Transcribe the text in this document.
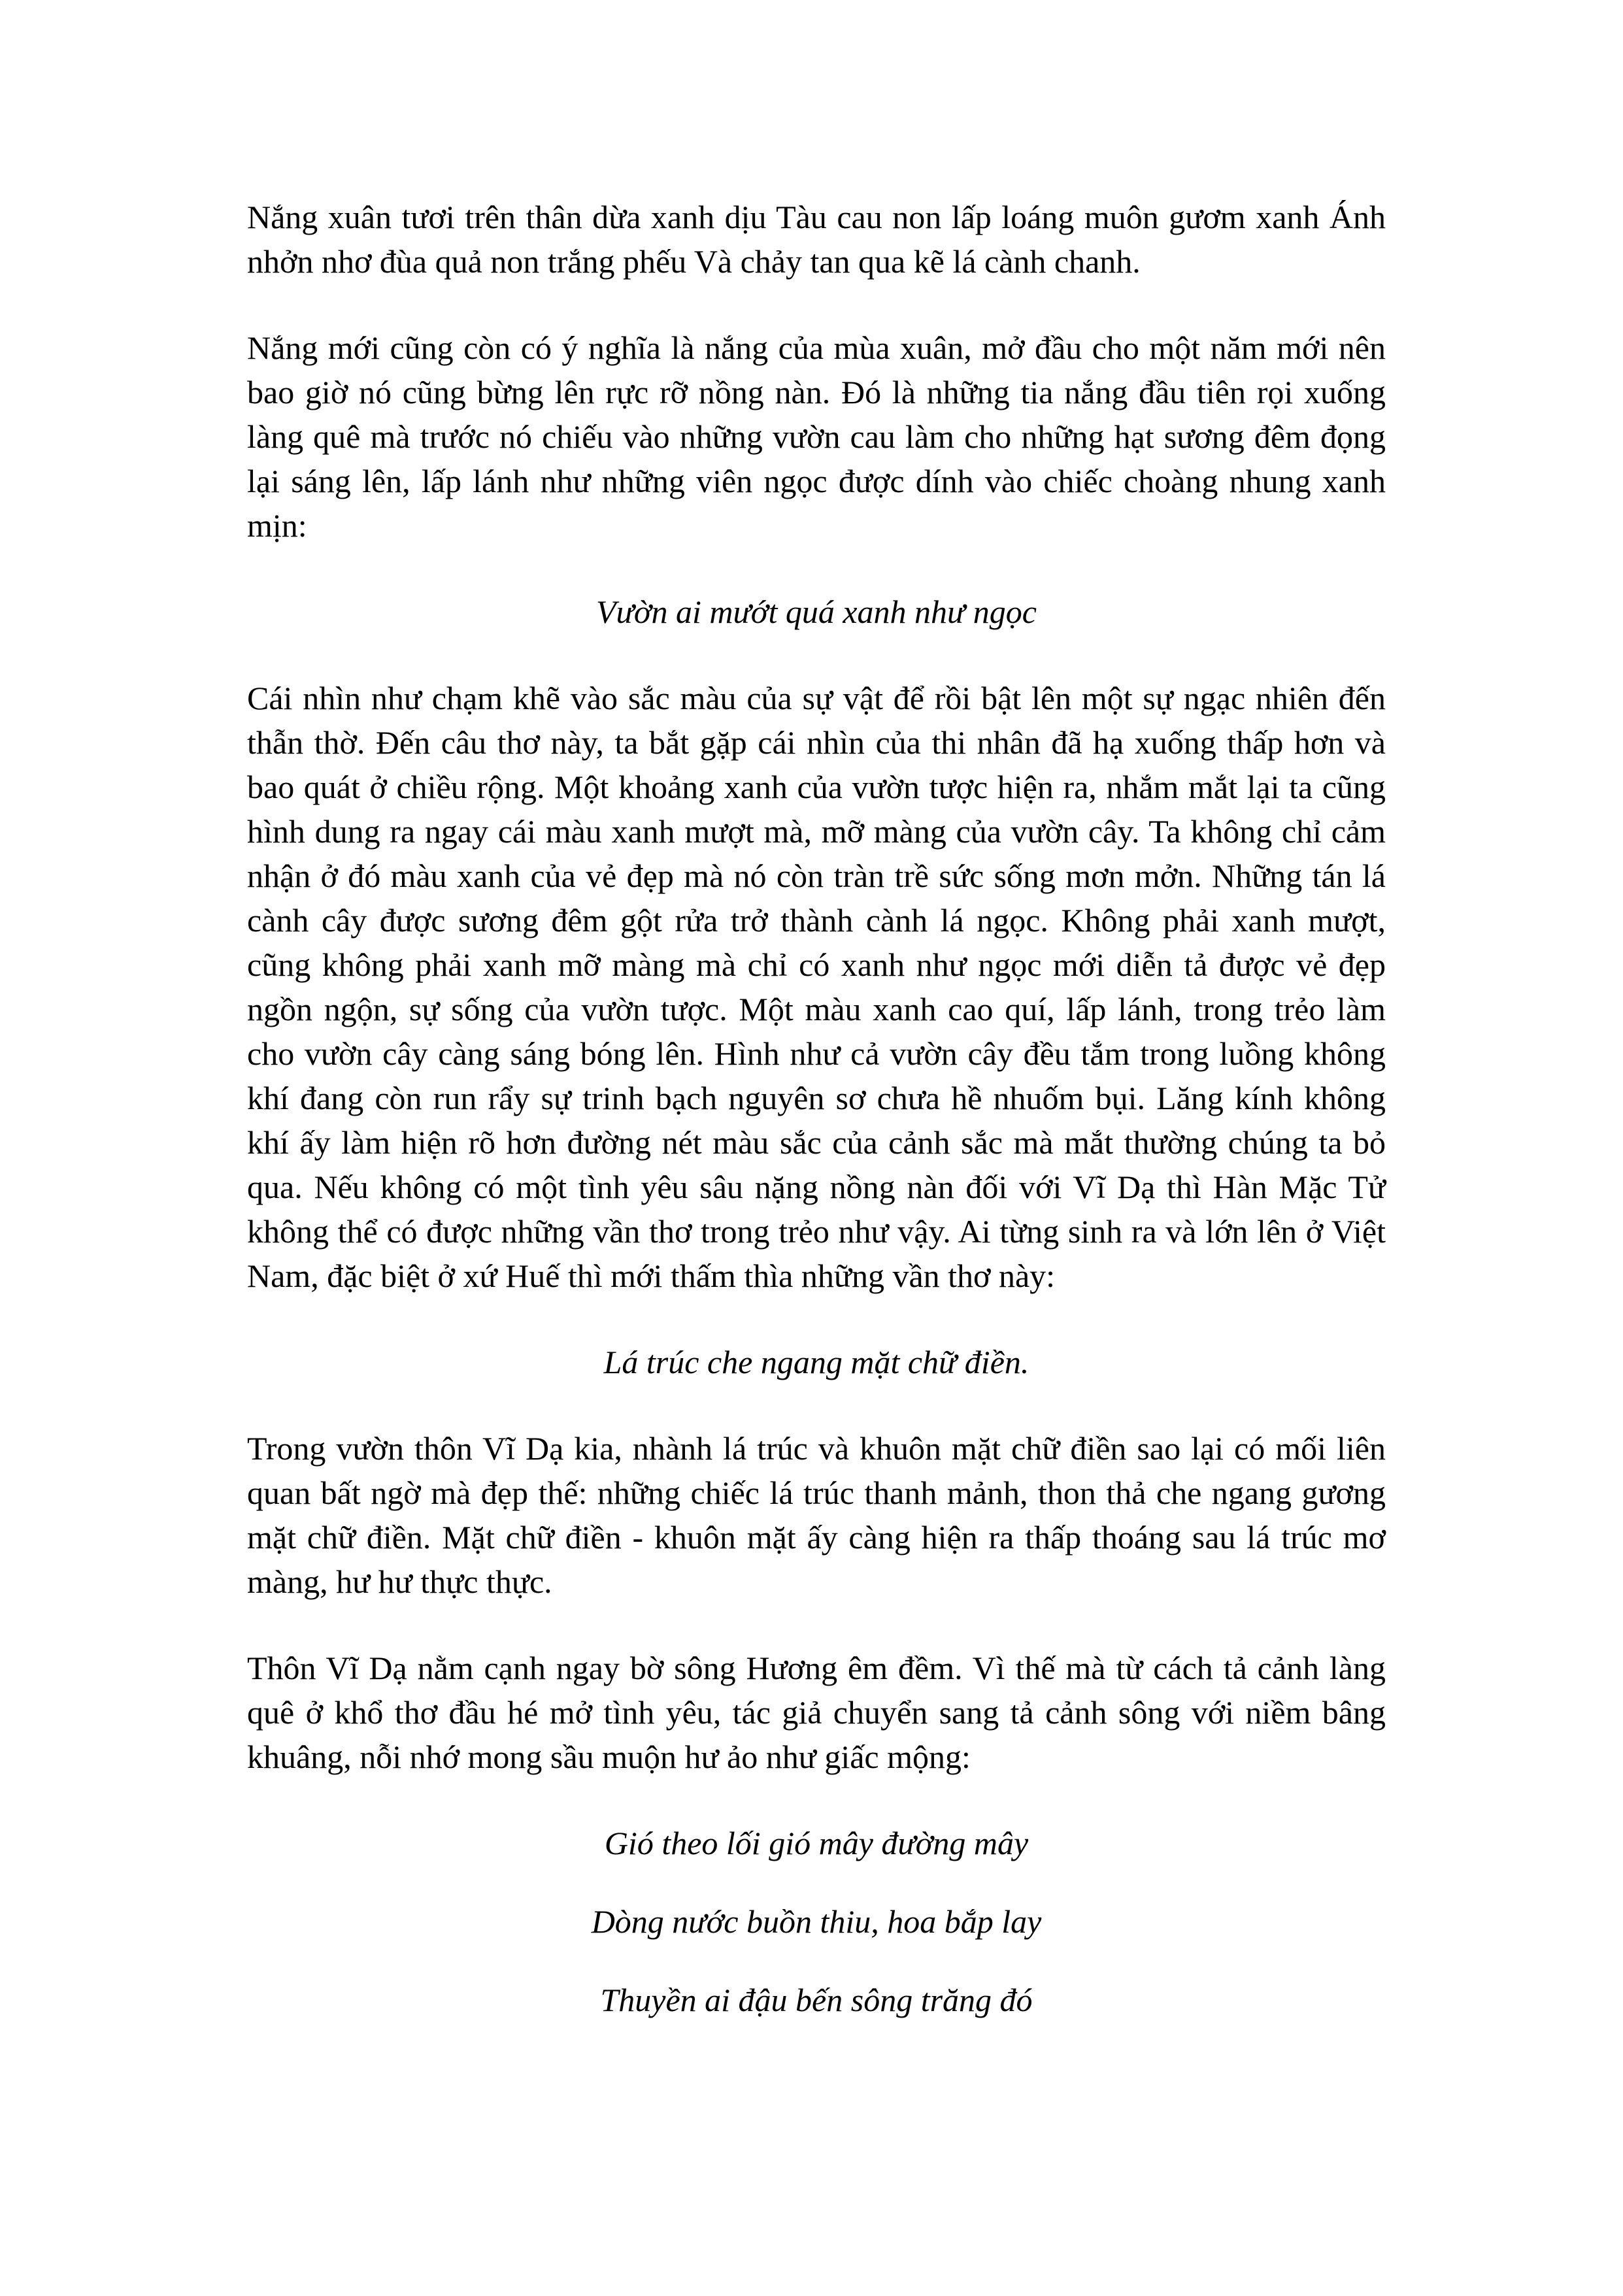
Nắng xuân tươi trên thân dừa xanh dịu Tàu cau non lấp loáng muôn gươm xanh Ánh nhởn nhơ đùa quả non trắng phếu Và chảy tan qua kẽ lá cành chanh.

Nắng mới cũng còn có ý nghĩa là nắng của mùa xuân, mở đầu cho một năm mới nên bao giờ nó cũng bừng lên rực rỡ nồng nàn. Đó là những tia nắng đầu tiên rọi xuống làng quê mà trước nó chiếu vào những vườn cau làm cho những hạt sương đêm đọng lại sáng lên, lấp lánh như những viên ngọc được dính vào chiếc choàng nhung xanh mịn:

Vườn ai mướt quá xanh như ngọc

Cái nhìn như chạm khẽ vào sắc màu của sự vật để rồi bật lên một sự ngạc nhiên đến thẫn thờ. Đến câu thơ này, ta bắt gặp cái nhìn của thi nhân đã hạ xuống thấp hơn và bao quát ở chiều rộng. Một khoảng xanh của vườn tược hiện ra, nhắm mắt lại ta cũng hình dung ra ngay cái màu xanh mượt mà, mỡ màng của vườn cây. Ta không chỉ cảm nhận ở đó màu xanh của vẻ đẹp mà nó còn tràn trề sức sống mơn mởn. Những tán lá cành cây được sương đêm gột rửa trở thành cành lá ngọc. Không phải xanh mượt, cũng không phải xanh mỡ màng mà chỉ có xanh như ngọc mới diễn tả được vẻ đẹp ngồn ngộn, sự sống của vườn tược. Một màu xanh cao quí, lấp lánh, trong trẻo làm cho vườn cây càng sáng bóng lên. Hình như cả vườn cây đều tắm trong luồng không khí đang còn run rẩy sự trinh bạch nguyên sơ chưa hề nhuốm bụi. Lăng kính không khí ấy làm hiện rõ hơn đường nét màu sắc của cảnh sắc mà mắt thường chúng ta bỏ qua. Nếu không có một tình yêu sâu nặng nồng nàn đối với Vĩ Dạ thì Hàn Mặc Tử không thể có được những vần thơ trong trẻo như vậy. Ai từng sinh ra và lớn lên ở Việt Nam, đặc biệt ở xứ Huế thì mới thấm thìa những vần thơ này:

Lá trúc che ngang mặt chữ điền.

Trong vườn thôn Vĩ Dạ kia, nhành lá trúc và khuôn mặt chữ điền sao lại có mối liên quan bất ngờ mà đẹp thế: những chiếc lá trúc thanh mảnh, thon thả che ngang gương mặt chữ điền. Mặt chữ điền - khuôn mặt ấy càng hiện ra thấp thoáng sau lá trúc mơ màng, hư hư thực thực.

Thôn Vĩ Dạ nằm cạnh ngay bờ sông Hương êm đềm. Vì thế mà từ cách tả cảnh làng quê ở khổ thơ đầu hé mở tình yêu, tác giả chuyển sang tả cảnh sông với niềm bâng khuâng, nỗi nhớ mong sầu muộn hư ảo như giấc mộng:

Gió theo lối gió mây đường mây

Dòng nước buồn thiu, hoa bắp lay

Thuyền ai đậu bến sông trăng đó
